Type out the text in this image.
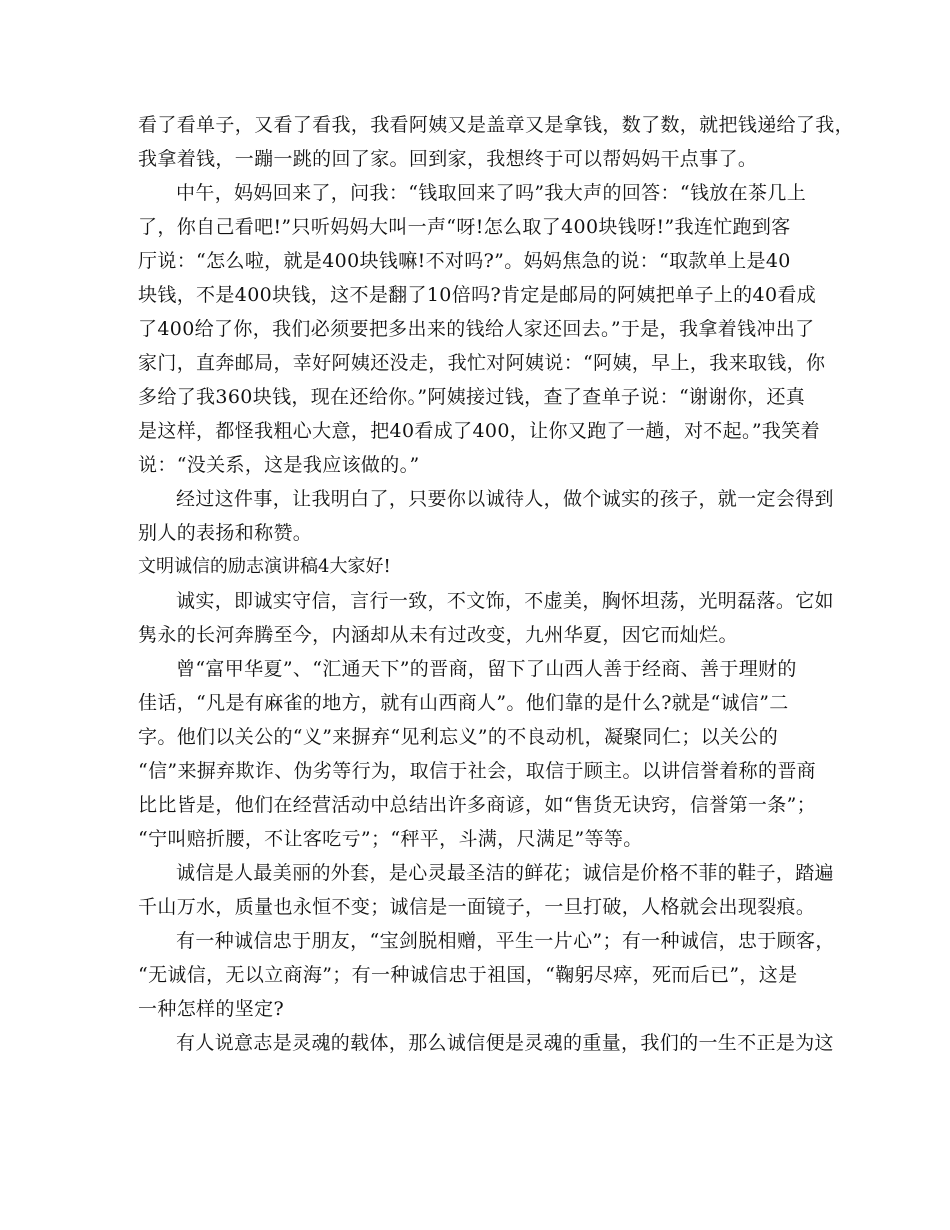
看了看单子，又看了看我，我看阿姨又是盖章又是拿钱，数了数，就把钱递给了我，
我拿着钱，一蹦一跳的回了家。回到家，我想终于可以帮妈妈干点事了。
中午，妈妈回来了，问我：“钱取回来了吗”我大声的回答：“钱放在茶几上
了，你自己看吧!”只听妈妈大叫一声“呀!怎么取了400块钱呀!”我连忙跑到客
厅说：“怎么啦，就是400块钱嘛!不对吗?”。妈妈焦急的说：“取款单上是40
块钱，不是400块钱，这不是翻了10倍吗?肯定是邮局的阿姨把单子上的40看成
了400给了你，我们必须要把多出来的钱给人家还回去。”于是，我拿着钱冲出了
家门，直奔邮局，幸好阿姨还没走，我忙对阿姨说：“阿姨，早上，我来取钱，你
多给了我360块钱，现在还给你。”阿姨接过钱，查了查单子说：“谢谢你，还真
是这样，都怪我粗心大意，把40看成了400，让你又跑了一趟，对不起。”我笑着
说：“没关系，这是我应该做的。”
经过这件事，让我明白了，只要你以诚待人，做个诚实的孩子，就一定会得到
别人的表扬和称赞。
文明诚信的励志演讲稿4大家好!
诚实，即诚实守信，言行一致，不文饰，不虚美，胸怀坦荡，光明磊落。它如
隽永的长河奔腾至今，内涵却从未有过改变，九州华夏，因它而灿烂。
曾“富甲华夏”、“汇通天下”的晋商，留下了山西人善于经商、善于理财的
佳话，“凡是有麻雀的地方，就有山西商人”。他们靠的是什么?就是“诚信”二
字。他们以关公的“义”来摒弃“见利忘义”的不良动机，凝聚同仁；以关公的
“信”来摒弃欺诈、伪劣等行为，取信于社会，取信于顾主。以讲信誉着称的晋商
比比皆是，他们在经营活动中总结出许多商谚，如“售货无诀窍，信誉第一条”；
“宁叫赔折腰，不让客吃亏”；“秤平，斗满，尺满足”等等。
诚信是人最美丽的外套，是心灵最圣洁的鲜花；诚信是价格不菲的鞋子，踏遍
千山万水，质量也永恒不变；诚信是一面镜子，一旦打破，人格就会出现裂痕。
有一种诚信忠于朋友，“宝剑脱相赠，平生一片心”；有一种诚信，忠于顾客，
“无诚信，无以立商海”；有一种诚信忠于祖国，“鞠躬尽瘁，死而后已”，这是
一种怎样的坚定?
有人说意志是灵魂的载体，那么诚信便是灵魂的重量，我们的一生不正是为这
